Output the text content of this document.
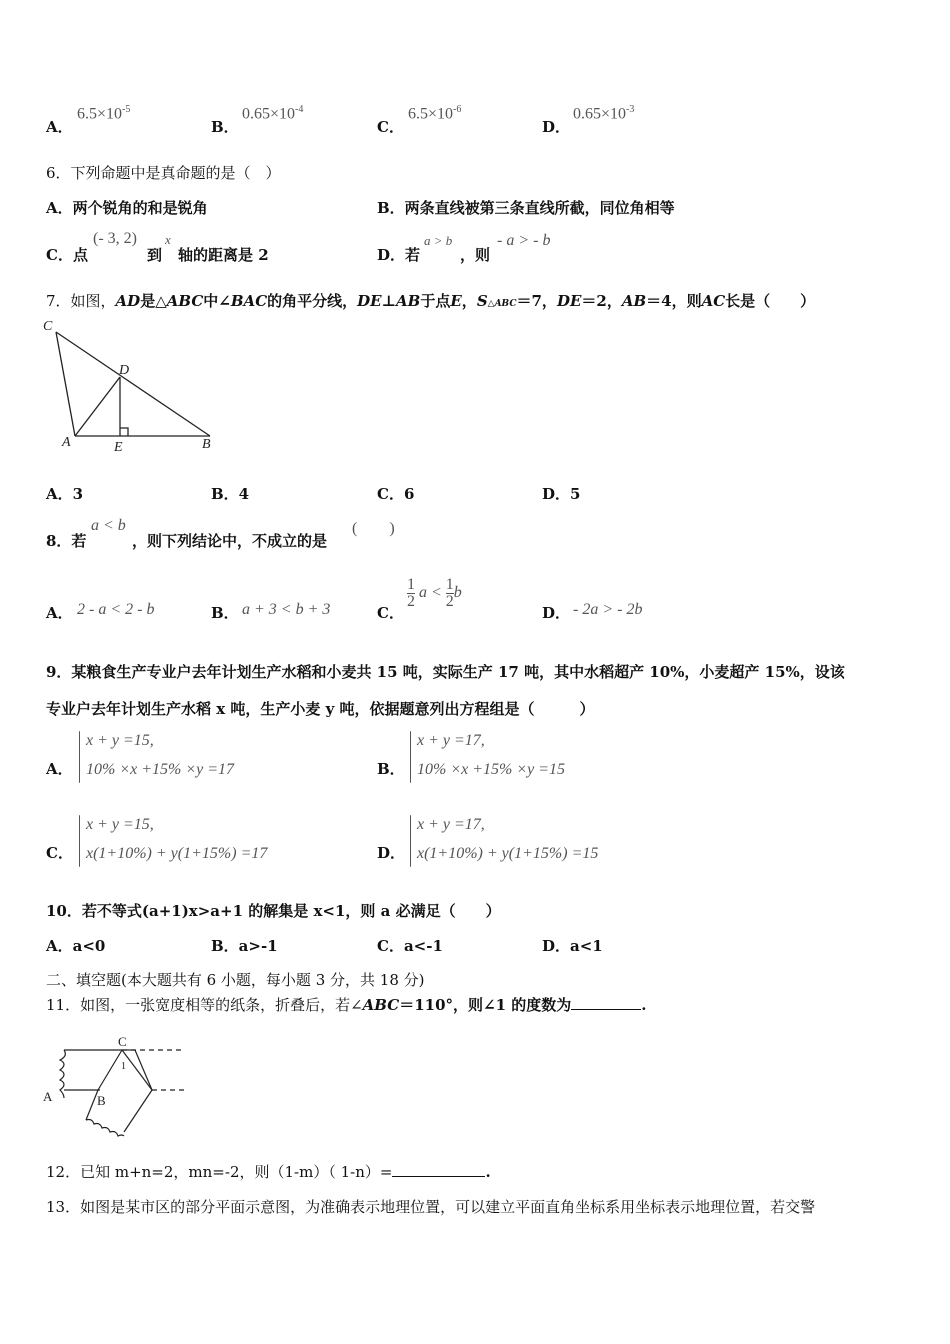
A．
$6.5\times 10^{-5}$
B．
$0.65\times 10^{-4}$
C．
$6.5\times 10^{-6}$
D．
$0.65\times 10^{-3}$
6．下列命题中是真命题的是（　）
A．两个锐角的和是锐角	B．两条直线被第三条直线所截，同位角相等
C．点
(- 3, 2)
到
x
轴的距离是 2	D．若
a > b
，则
- a > - b
7．如图，AD是△ABC中∠BAC的角平分线，DE⊥AB于点E，S△ABC＝7，DE＝2，AB＝4，则AC长是（　　）
C
D
A	E	B
A．3	B．4	C．6	D．5
8．若
a < b
，则下列结论中，不成立的是
(　　)
A． 2 - a < 2 - b	B． a + 3 < b + 3	C．
$\frac{1}{2}$ $a < \frac{1}{2}$ b
D． - 2a > - 2b
9．某粮食生产专业户去年计划生产水稻和小麦共 15 吨，实际生产 17 吨，其中水稻超产 10%，小麦超产 15%，设该
专业户去年计划生产水稻 x 吨，生产小麦 y 吨，依据题意列出方程组是（　　　）
A．
x + y =15,
10% ×x +15% ×y =17	B．
x + y =17,
10% ×x +15% ×y =15
C．
x + y =15,
x(1+10%) + y(1+15%) =17	D．
x + y =17,
x(1+10%) + y(1+15%) =15
10．若不等式(a+1)x>a+1 的解集是 x<1，则 a 必满足（　　）
A．a<0	B．a>-1	C．a<-1	D．a<1
二、填空题(本大题共有 6 小题，每小题 3 分，共 18 分)
11．如图，一张宽度相等的纸条，折叠后，若∠ABC＝110°，则∠1 的度数为	.
C
A	B
1
12．已知 m+n=2，mn=-2，则（1-m）（ 1-n）=	.
13．如图是某市区的部分平面示意图，为准确表示地理位置，可以建立平面直角坐标系用坐标表示地理位置，若交警
